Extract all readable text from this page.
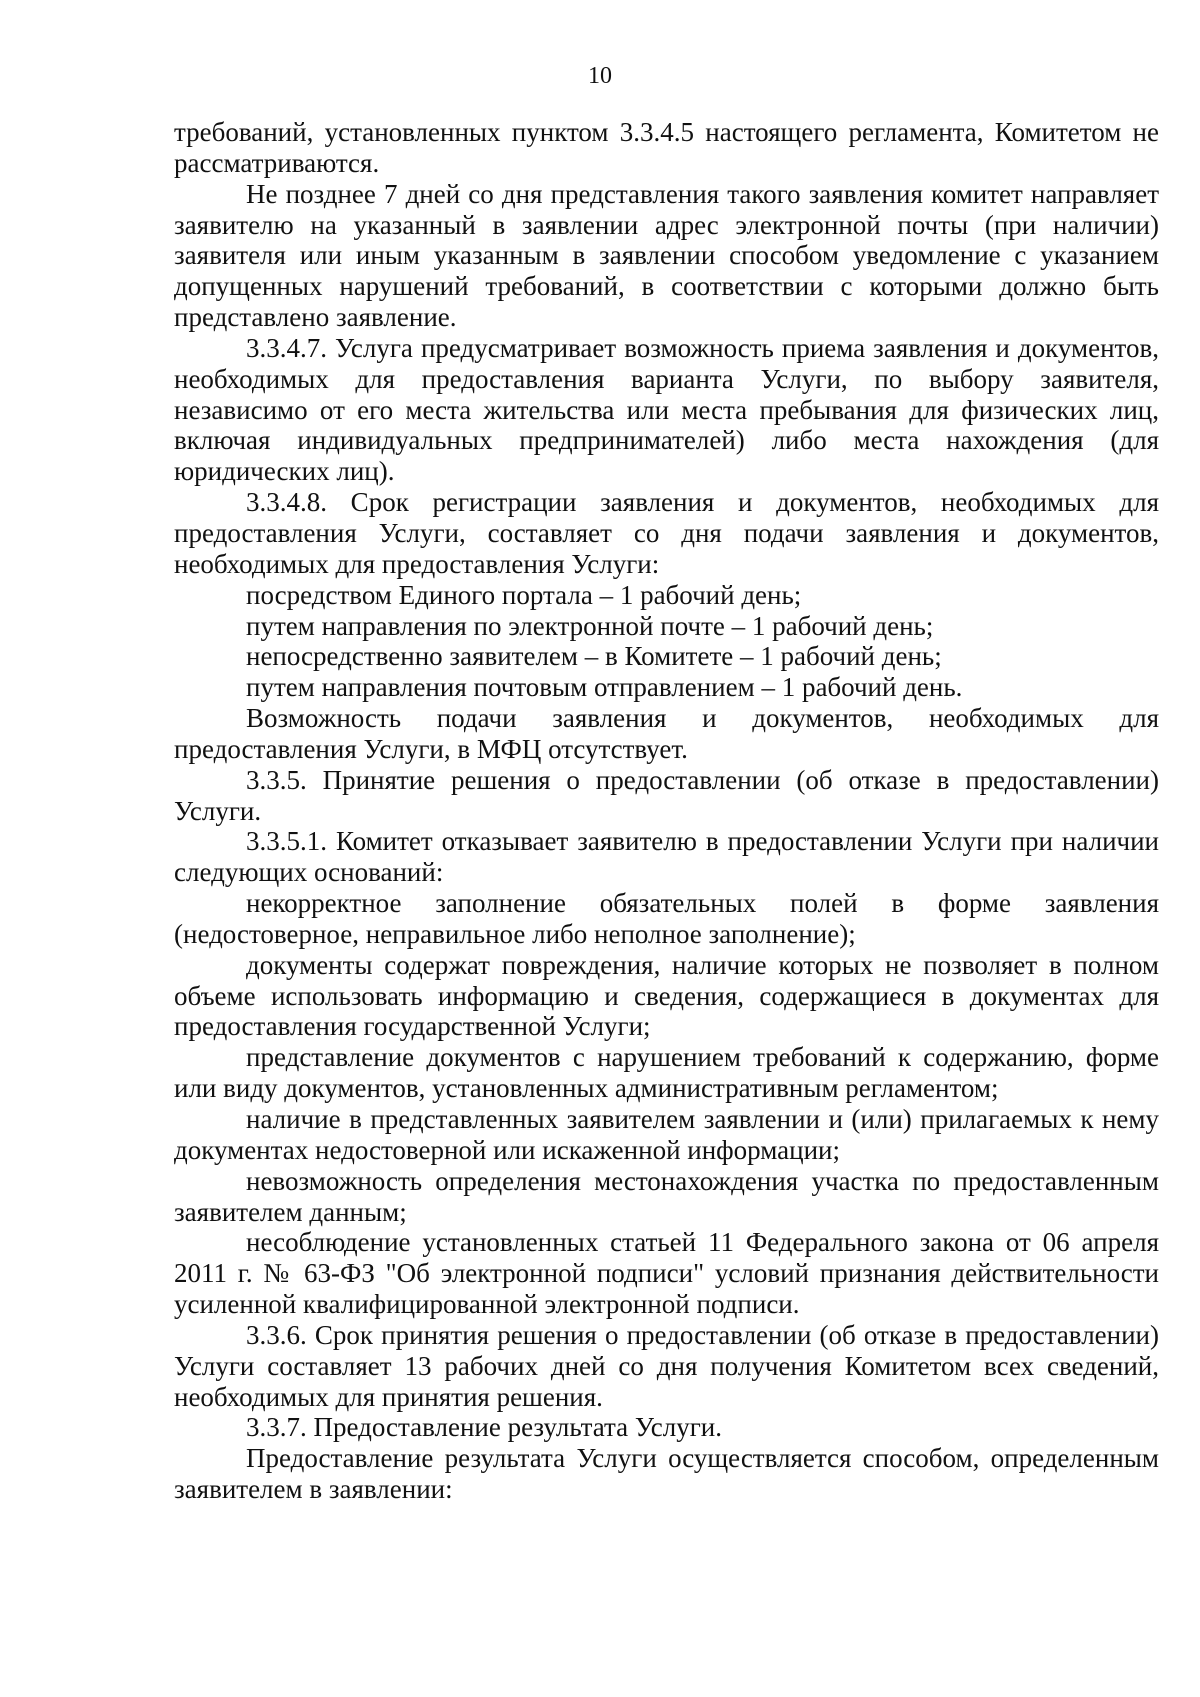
10

требований, установленных пунктом 3.3.4.5 настоящего регламента, Комитетом не рассматриваются.

Не позднее 7 дней со дня представления такого заявления комитет направляет заявителю на указанный в заявлении адрес электронной почты (при наличии) заявителя или иным указанным в заявлении способом уведомление с указанием допущенных нарушений требований, в соответствии с которыми должно быть представлено заявление.

3.3.4.7. Услуга предусматривает возможность приема заявления и документов, необходимых для предоставления варианта Услуги, по выбору заявителя, независимо от его места жительства или места пребывания для физических лиц, включая индивидуальных предпринимателей) либо места нахождения (для юридических лиц).

3.3.4.8. Срок регистрации заявления и документов, необходимых для предоставления Услуги, составляет со дня подачи заявления и документов, необходимых для предоставления Услуги:

посредством Единого портала – 1 рабочий день;

путем направления по электронной почте – 1 рабочий день;

непосредственно заявителем – в Комитете – 1 рабочий день;

путем направления почтовым отправлением – 1 рабочий день.

Возможность подачи заявления и документов, необходимых для предоставления Услуги, в МФЦ отсутствует.

3.3.5. Принятие решения о предоставлении (об отказе в предоставлении) Услуги.

3.3.5.1. Комитет отказывает заявителю в предоставлении Услуги при наличии следующих оснований:

некорректное заполнение обязательных полей в форме заявления (недостоверное, неправильное либо неполное заполнение);

документы содержат повреждения, наличие которых не позволяет в полном объеме использовать информацию и сведения, содержащиеся в документах для предоставления государственной Услуги;

представление документов с нарушением требований к содержанию, форме или виду документов, установленных административным регламентом;

наличие в представленных заявителем заявлении и (или) прилагаемых к нему документах недостоверной или искаженной информации;

невозможность определения местонахождения участка по предоставленным заявителем данным;

несоблюдение установленных статьей 11 Федерального закона от 06 апреля 2011 г. № 63-ФЗ "Об электронной подписи" условий признания действительности усиленной квалифицированной электронной подписи.

3.3.6. Срок принятия решения о предоставлении (об отказе в предоставлении) Услуги составляет 13 рабочих дней со дня получения Комитетом всех сведений, необходимых для принятия решения.

3.3.7. Предоставление результата Услуги.

Предоставление результата Услуги осуществляется способом, определенным заявителем в заявлении:
